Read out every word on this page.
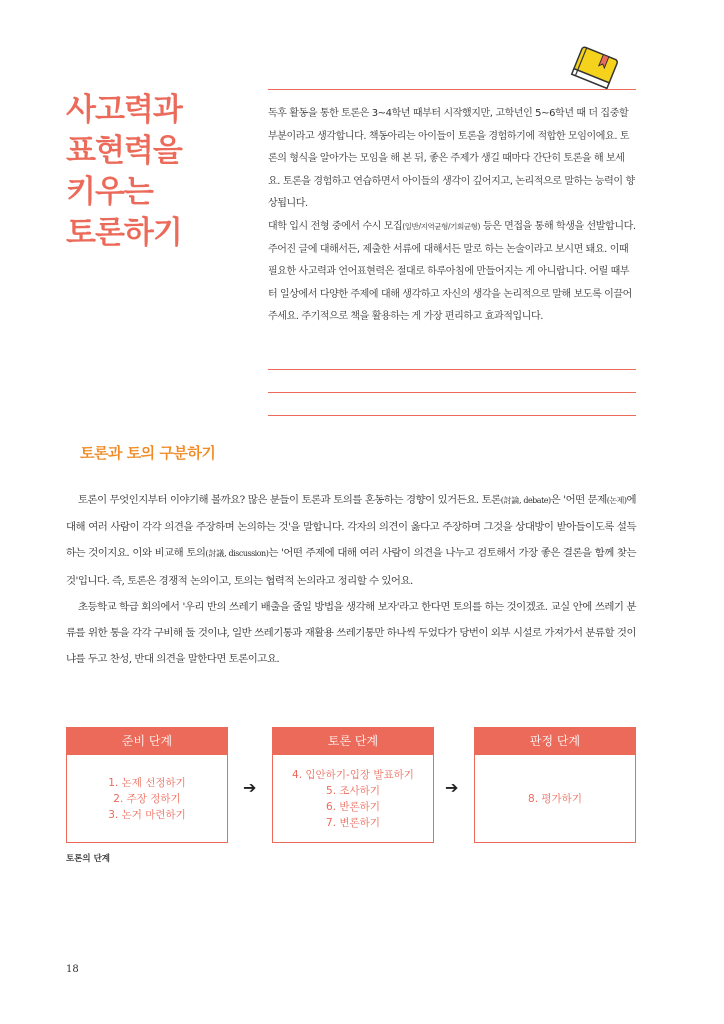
사고력과
표현력을
키우는
토론하기

독후 활동을 통한 토론은 3~4학년 때부터 시작했지만, 고학년인 5~6학년 때 더 집중할 부분이라고 생각합니다. 책동아리는 아이들이 토론을 경험하기에 적합한 모임이에요. 토론의 형식을 알아가는 모임을 해 본 뒤, 좋은 주제가 생길 때마다 간단히 토론을 해 보세요. 토론을 경험하고 연습하면서 아이들의 생각이 깊어지고, 논리적으로 말하는 능력이 향상됩니다.

대학 입시 전형 중에서 수시 모집(일반/지역균형/기회균형) 등은 면접을 통해 학생을 선발합니다. 주어진 글에 대해서든, 제출한 서류에 대해서든 말로 하는 논술이라고 보시면 돼요. 이때 필요한 사고력과 언어표현력은 절대로 하루아침에 만들어지는 게 아니랍니다. 어릴 때부터 일상에서 다양한 주제에 대해 생각하고 자신의 생각을 논리적으로 말해 보도록 이끌어 주세요. 주기적으로 책을 활용하는 게 가장 편리하고 효과적입니다.

토론과 토의 구분하기

토론이 무엇인지부터 이야기해 볼까요? 많은 분들이 토론과 토의를 혼동하는 경향이 있거든요. 토론(討論, debate)은 '어떤 문제(논제)에 대해 여러 사람이 각각 의견을 주장하며 논의하는 것'을 말합니다. 각자의 의견이 옳다고 주장하며 그것을 상대방이 받아들이도록 설득하는 것이지요. 이와 비교해 토의(討議, discussion)는 '어떤 주제에 대해 여러 사람이 의견을 나누고 검토해서 가장 좋은 결론을 함께 찾는 것'입니다. 즉, 토론은 경쟁적 논의이고, 토의는 협력적 논의라고 정리할 수 있어요.

초등학교 학급 회의에서 '우리 반의 쓰레기 배출을 줄일 방법을 생각해 보자'라고 한다면 토의를 하는 것이겠죠. 교실 안에 쓰레기 분류를 위한 통을 각각 구비해 둘 것이냐, 일반 쓰레기통과 재활용 쓰레기통만 하나씩 두었다가 당번이 외부 시설로 가져가서 분류할 것이냐를 두고 찬성, 반대 의견을 말한다면 토론이고요.

준비 단계
1. 논제 선정하기
2. 주장 정하기
3. 논거 마련하기
➔
토론 단계
4. 입안하기-입장 발표하기
5. 조사하기
6. 반론하기
7. 변론하기
➔
판정 단계
8. 평가하기
토론의 단계
18
